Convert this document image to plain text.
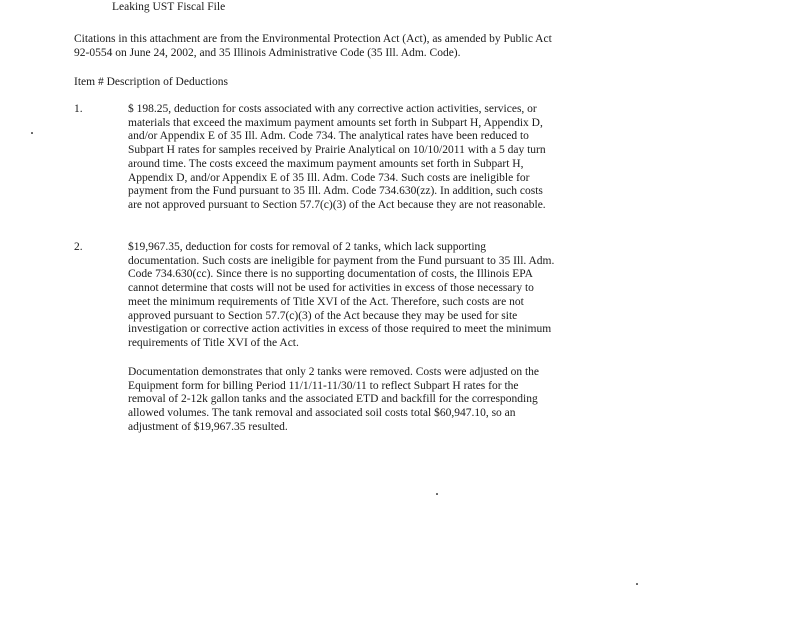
Leaking UST Fiscal File
Citations in this attachment are from the Environmental Protection Act (Act), as amended by Public Act 92-0554 on June 24, 2002, and 35 Illinois Administrative Code (35 Ill. Adm. Code).
Item # Description of Deductions
1.	$ 198.25, deduction for costs associated with any corrective action activities, services, or materials that exceed the maximum payment amounts set forth in Subpart H, Appendix D, and/or Appendix E of 35 Ill. Adm. Code 734. The analytical rates have been reduced to Subpart H rates for samples received by Prairie Analytical on 10/10/2011 with a 5 day turn around time. The costs exceed the maximum payment amounts set forth in Subpart H, Appendix D, and/or Appendix E of 35 Ill. Adm. Code 734. Such costs are ineligible for payment from the Fund pursuant to 35 Ill. Adm. Code 734.630(zz). In addition, such costs are not approved pursuant to Section 57.7(c)(3) of the Act because they are not reasonable.
2.	$19,967.35, deduction for costs for removal of 2 tanks, which lack supporting documentation. Such costs are ineligible for payment from the Fund pursuant to 35 Ill. Adm. Code 734.630(cc). Since there is no supporting documentation of costs, the Illinois EPA cannot determine that costs will not be used for activities in excess of those necessary to meet the minimum requirements of Title XVI of the Act. Therefore, such costs are not approved pursuant to Section 57.7(c)(3) of the Act because they may be used for site investigation or corrective action activities in excess of those required to meet the minimum requirements of Title XVI of the Act.
Documentation demonstrates that only 2 tanks were removed. Costs were adjusted on the Equipment form for billing Period 11/1/11-11/30/11 to reflect Subpart H rates for the removal of 2-12k gallon tanks and the associated ETD and backfill for the corresponding allowed volumes. The tank removal and associated soil costs total $60,947.10, so an adjustment of $19,967.35 resulted.
